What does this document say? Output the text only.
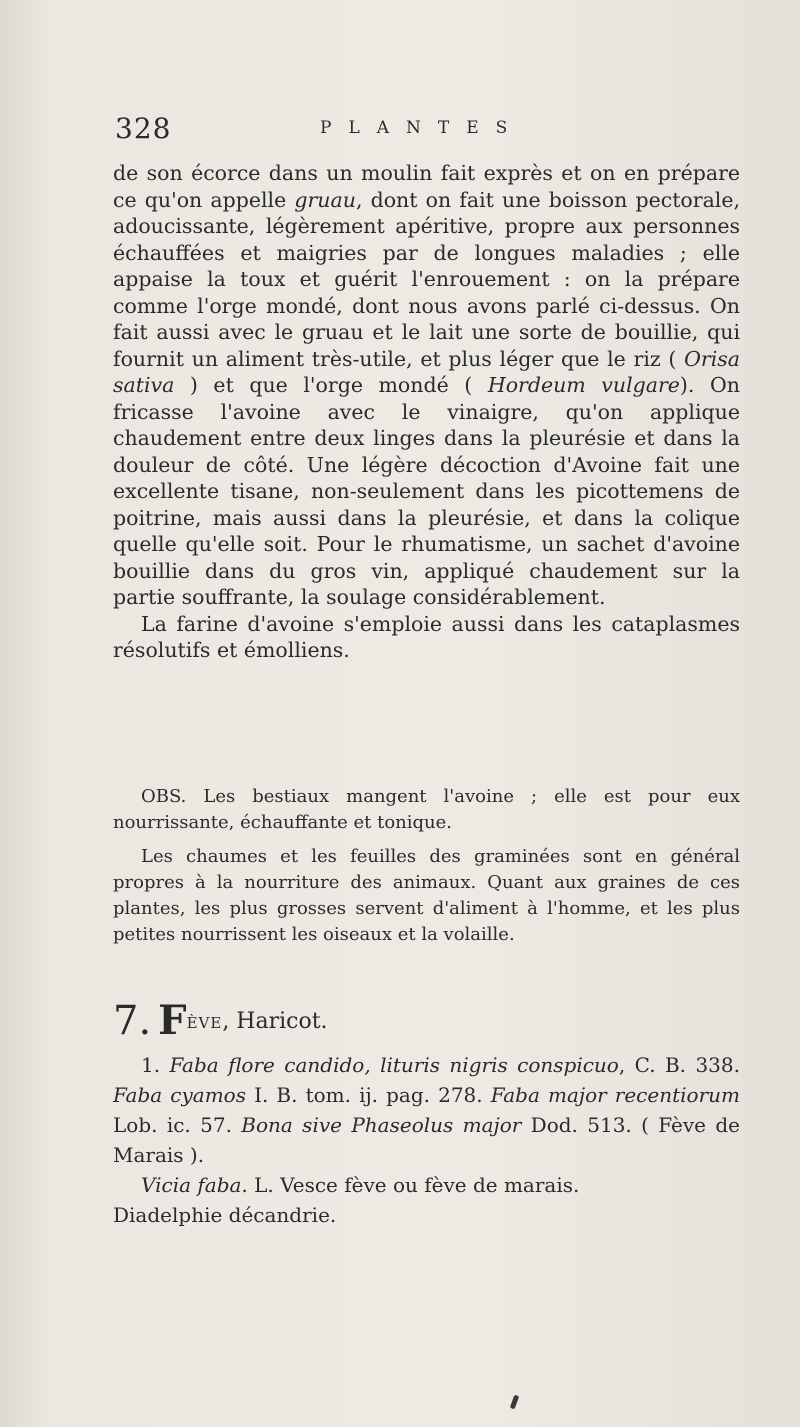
328	PLANTES

de son écorce dans un moulin fait exprès et on en prépare ce qu'on appelle gruau, dont on fait une boisson pectorale, adoucissante, légèrement apéritive, propre aux personnes échauffées et maigries par de longues maladies ; elle appaise la toux et guérit l'enrouement : on la prépare comme l'orge mondé, dont nous avons parlé ci-dessus. On fait aussi avec le gruau et le lait une sorte de bouillie, qui fournit un aliment très-utile, et plus léger que le riz ( Orisa sativa ) et que l'orge mondé ( Hordeum vulgare). On fricasse l'avoine avec le vinaigre, qu'on applique chaudement entre deux linges dans la pleurésie et dans la douleur de côté. Une légère décoction d'Avoine fait une excellente tisane, non-seulement dans les picottemens de poitrine, mais aussi dans la pleurésie, et dans la colique quelle qu'elle soit. Pour le rhumatisme, un sachet d'avoine bouillie dans du gros vin, appliqué chaudement sur la partie souffrante, la soulage considérablement.

La farine d'avoine s'emploie aussi dans les cataplasmes résolutifs et émolliens.

OBS. Les bestiaux mangent l'avoine ; elle est pour eux nourrissante, échauffante et tonique.

Les chaumes et les feuilles des graminées sont en général propres à la nourriture des animaux. Quant aux graines de ces plantes, les plus grosses servent d'aliment à l'homme, et les plus petites nourrissent les oiseaux et la volaille.

7. FÈVE, Haricot.

1. Faba flore candido, lituris nigris conspicuo, C. B. 338. Faba cyamos I. B. tom. ij. pag. 278. Faba major recentiorum Lob. ic. 57. Bona sive Phaseolus major Dod. 513. ( Fève de Marais ).

Vicia faba. L. Vesce fève ou fève de marais.

Diadelphie décandrie.
